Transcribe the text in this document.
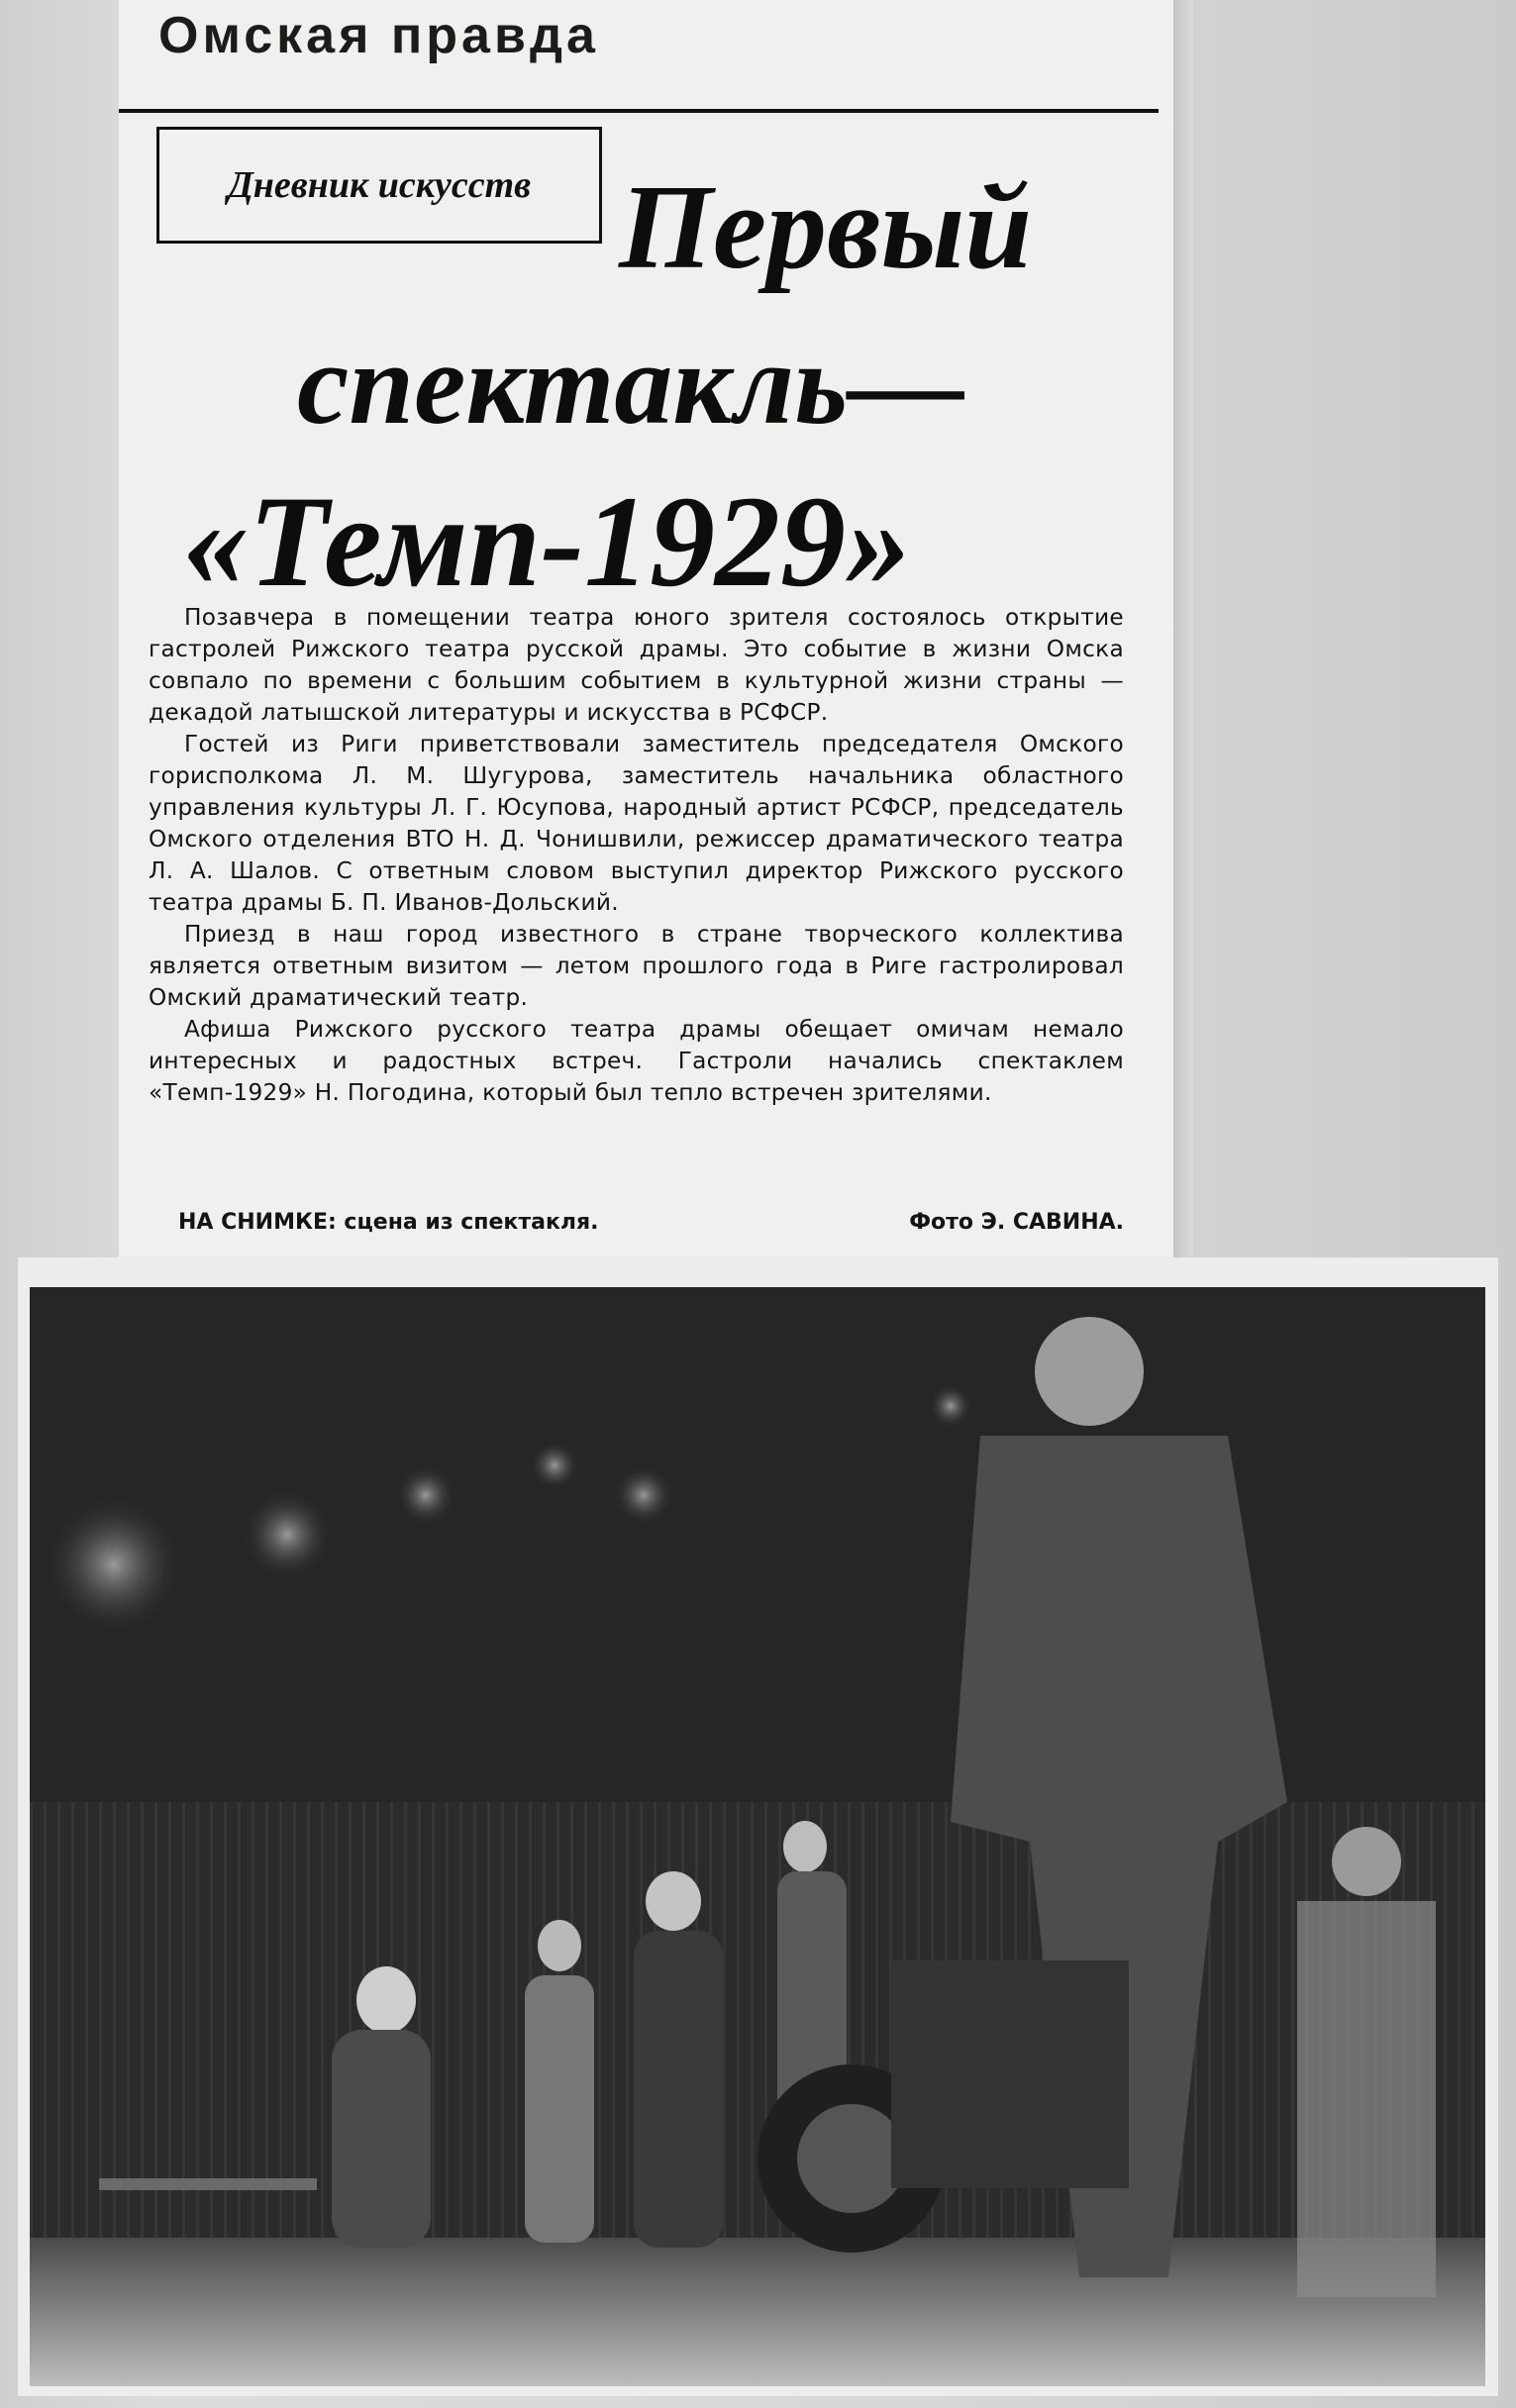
Омская правда
Дневник искусств Первый
спектакль—
«Темп-1929»

Позавчера в помещении театра юного зрителя состоялось открытие гастролей Рижского театра русской драмы. Это событие в жизни Омска совпало по времени с большим событием в культурной жизни страны — декадой латышской литературы и искусства в РСФСР.

Гостей из Риги приветствовали заместитель председателя Омского горисполкома Л. М. Шугурова, заместитель начальника областного управления культуры Л. Г. Юсупова, народный артист РСФСР, председатель Омского отделения ВТО Н. Д. Чонишвили, режиссер драматического театра Л. А. Шалов. С ответным словом выступил директор Рижского русского театра драмы Б. П. Иванов-Дольский.

Приезд в наш город известного в стране творческого коллектива является ответным визитом — летом прошлого года в Риге гастролировал Омский драматический театр.

Афиша Рижского русского театра драмы обещает омичам немало интересных и радостных встреч. Гастроли начались спектаклем «Темп-1929» Н. Погодина, который был тепло встречен зрителями.

НА СНИМКЕ: сцена из спектакля.	Фото Э. САВИНА.
